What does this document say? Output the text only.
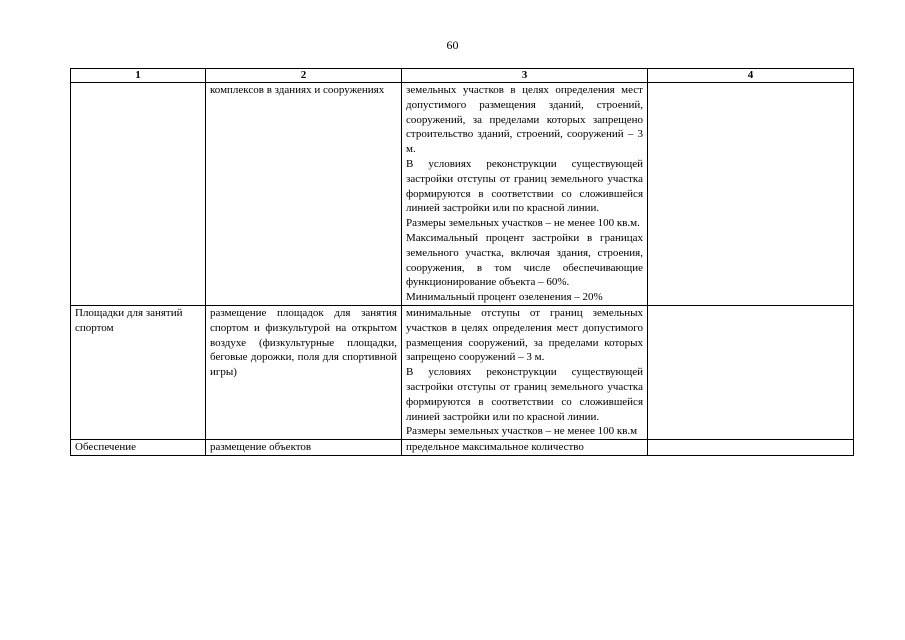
60
1	2	3	4

	комплексов в зданиях и сооружениях	земельных участков в целях определения мест допустимого размещения зданий, строений, сооружений, за пределами которых запрещено строительство зданий, строений, сооружений – 3 м.
В условиях реконструкции существующей застройки отступы от границ земельного участка формируются в соответствии со сложившейся линией застройки или по красной линии.
Размеры земельных участков – не менее 100 кв.м.
Максимальный процент застройки в границах земельного участка, включая здания, строения, сооружения, в том числе обеспечивающие функционирование объекта – 60%.
Минимальный процент озеленения – 20%	

Площадки для занятий спортом	размещение площадок для занятия спортом и физкультурой на открытом воздухе (физкультурные площадки, беговые дорожки, поля для спортивной игры)	минимальные отступы от границ земельных участков в целях определения мест допустимого размещения сооружений, за пределами которых запрещено сооружений – 3 м.
В условиях реконструкции существующей застройки отступы от границ земельного участка формируются в соответствии со сложившейся линией застройки или по красной линии.
Размеры земельных участков – не менее 100 кв.м	

Обеспечение	размещение объектов	предельное максимальное количество	
